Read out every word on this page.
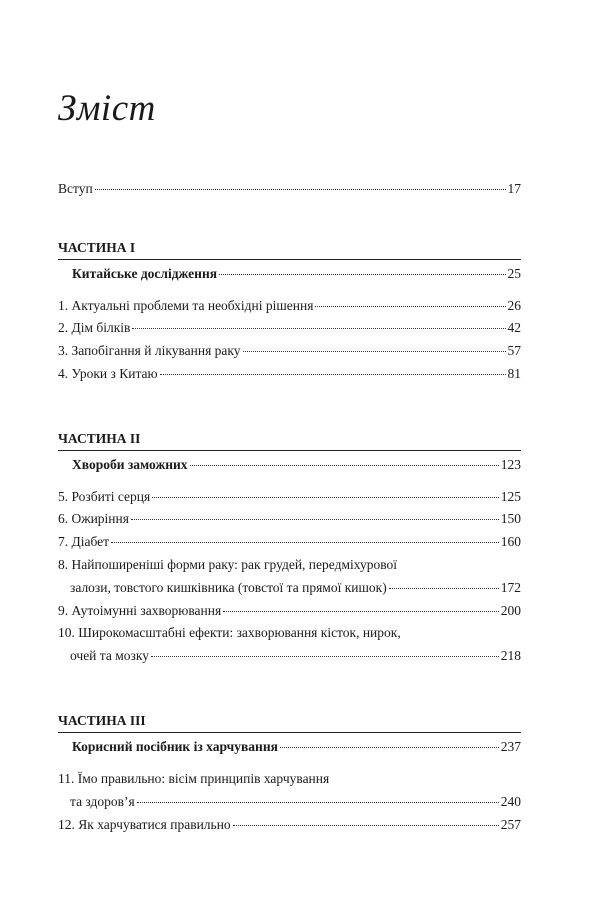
Зміст
Вступ	17
ЧАСТИНА I
Китайське дослідження	25
1. Актуальні проблеми та необхідні рішення	26
2. Дім білків	42
3. Запобігання й лікування раку	57
4. Уроки з Китаю	81
ЧАСТИНА II
Хвороби заможних	123
5. Розбиті серця	125
6. Ожиріння	150
7. Діабет	160
8. Найпоширеніші форми раку: рак грудей, передміхурової
залози, товстого кишківника (товстої та прямої кишок)	172
9. Аутоімунні захворювання	200
10. Широкомасштабні ефекти: захворювання кісток, нирок,
очей та мозку	218
ЧАСТИНА III
Корисний посібник із харчування	237
11. Їмо правильно: вісім принципів харчування
та здоров’я	240
12. Як харчуватися правильно	257
